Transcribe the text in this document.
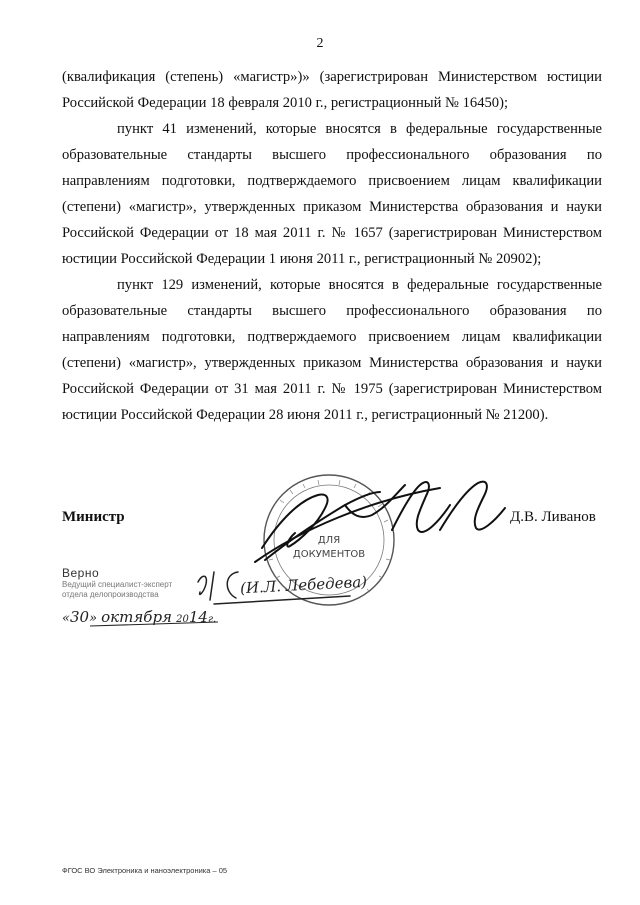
2

(квалификация (степень) «магистр»)» (зарегистрирован Министерством юстиции Российской Федерации 18 февраля 2010 г., регистрационный № 16450);

пункт 41 изменений, которые вносятся в федеральные государственные образовательные стандарты высшего профессионального образования по направлениям подготовки, подтверждаемого присвоением лицам квалификации (степени) «магистр», утвержденных приказом Министерства образования и науки Российской Федерации от 18 мая 2011 г. № 1657 (зарегистрирован Министерством юстиции Российской Федерации 1 июня 2011 г., регистрационный № 20902);

пункт 129 изменений, которые вносятся в федеральные государственные образовательные стандарты высшего профессионального образования по направлениям подготовки, подтверждаемого присвоением лицам квалификации (степени) «магистр», утвержденных приказом Министерства образования и науки Российской Федерации от 31 мая 2011 г. № 1975 (зарегистрирован Министерством юстиции Российской Федерации 28 июня 2011 г., регистрационный № 21200).

Министр	Д.В. Ливанов
ДЛЯ
ДОКУМЕНТОВ
Верно
Ведущий специалист-эксперт
отдела делопроизводства	(И.Л. Лебедева)
«30» октября 2014г.
ФГОС ВО Электроника и наноэлектроника – 05
